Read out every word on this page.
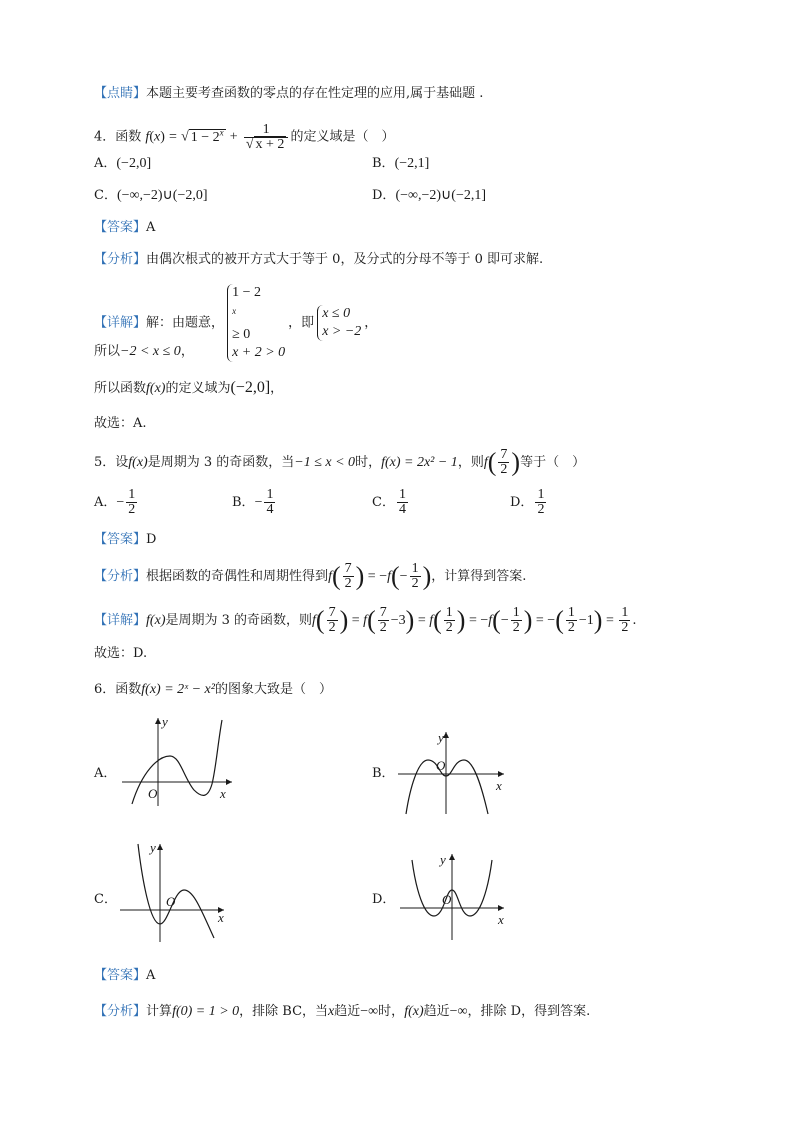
【点睛】本题主要考查函数的零点的存在性定理的应用,属于基础题 .
4．函数 f(x) = √ $1 - 2^x + \frac{1}{√ x + 2}$ 的定义域是（　）
A．(−2,0]	B．(−2,1]
C．(−∞,−2)∪(−2,0]	D．(−∞,−2)∪(−2,1]
【答案】A
【分析】由偶次根式的被开方式大于等于 0，及分式的分母不等于 0 即可求解.
【详解】解：由题意，
1 − 2
$^x$
≥ 0
x + 2 > 0
，即
x ≤ 0
x > −2
，
所以−2 < x ≤ 0，
所以函数f(x)的定义域为(−2,0]，
故选：A.
5．设f(x)是周期为 3 的奇函数，当−1 ≤ x < 0时，f(x) = 2x² − 1，则$f( \frac{7}{2}$ )等于（　）
A．− $\frac{1}{2}$	B．− $\frac{1}{4}$	C． $\frac{1}{4}$	D． $\frac{1}{2}$
【答案】D
【分析】根据函数的奇偶性和周期性得到$f( \frac{7}{2}$ ) = $-f(- \frac{1}{2}$ )，计算得到答案.
【详解】f(x)是周期为 3 的奇函数，则$f( \frac{7}{2}$ ) = $f( \frac{7}{2} -3) = f( \frac{1}{2}$ ) = $-f(- \frac{1}{2}$ ) = −( $\frac{1}{2} -1) = \frac{1}{2}$ .
故选：D.
6．函数f(x) = 2ˣ − x²的图象大致是（　）
A．
y
O	x
B．
y
O
x
C．
y
O
x
D．
y
O
x
【答案】A
【分析】计算f(0) = 1 > 0，排除 BC，当x趋近−∞时，f(x)趋近−∞，排除 D，得到答案.
